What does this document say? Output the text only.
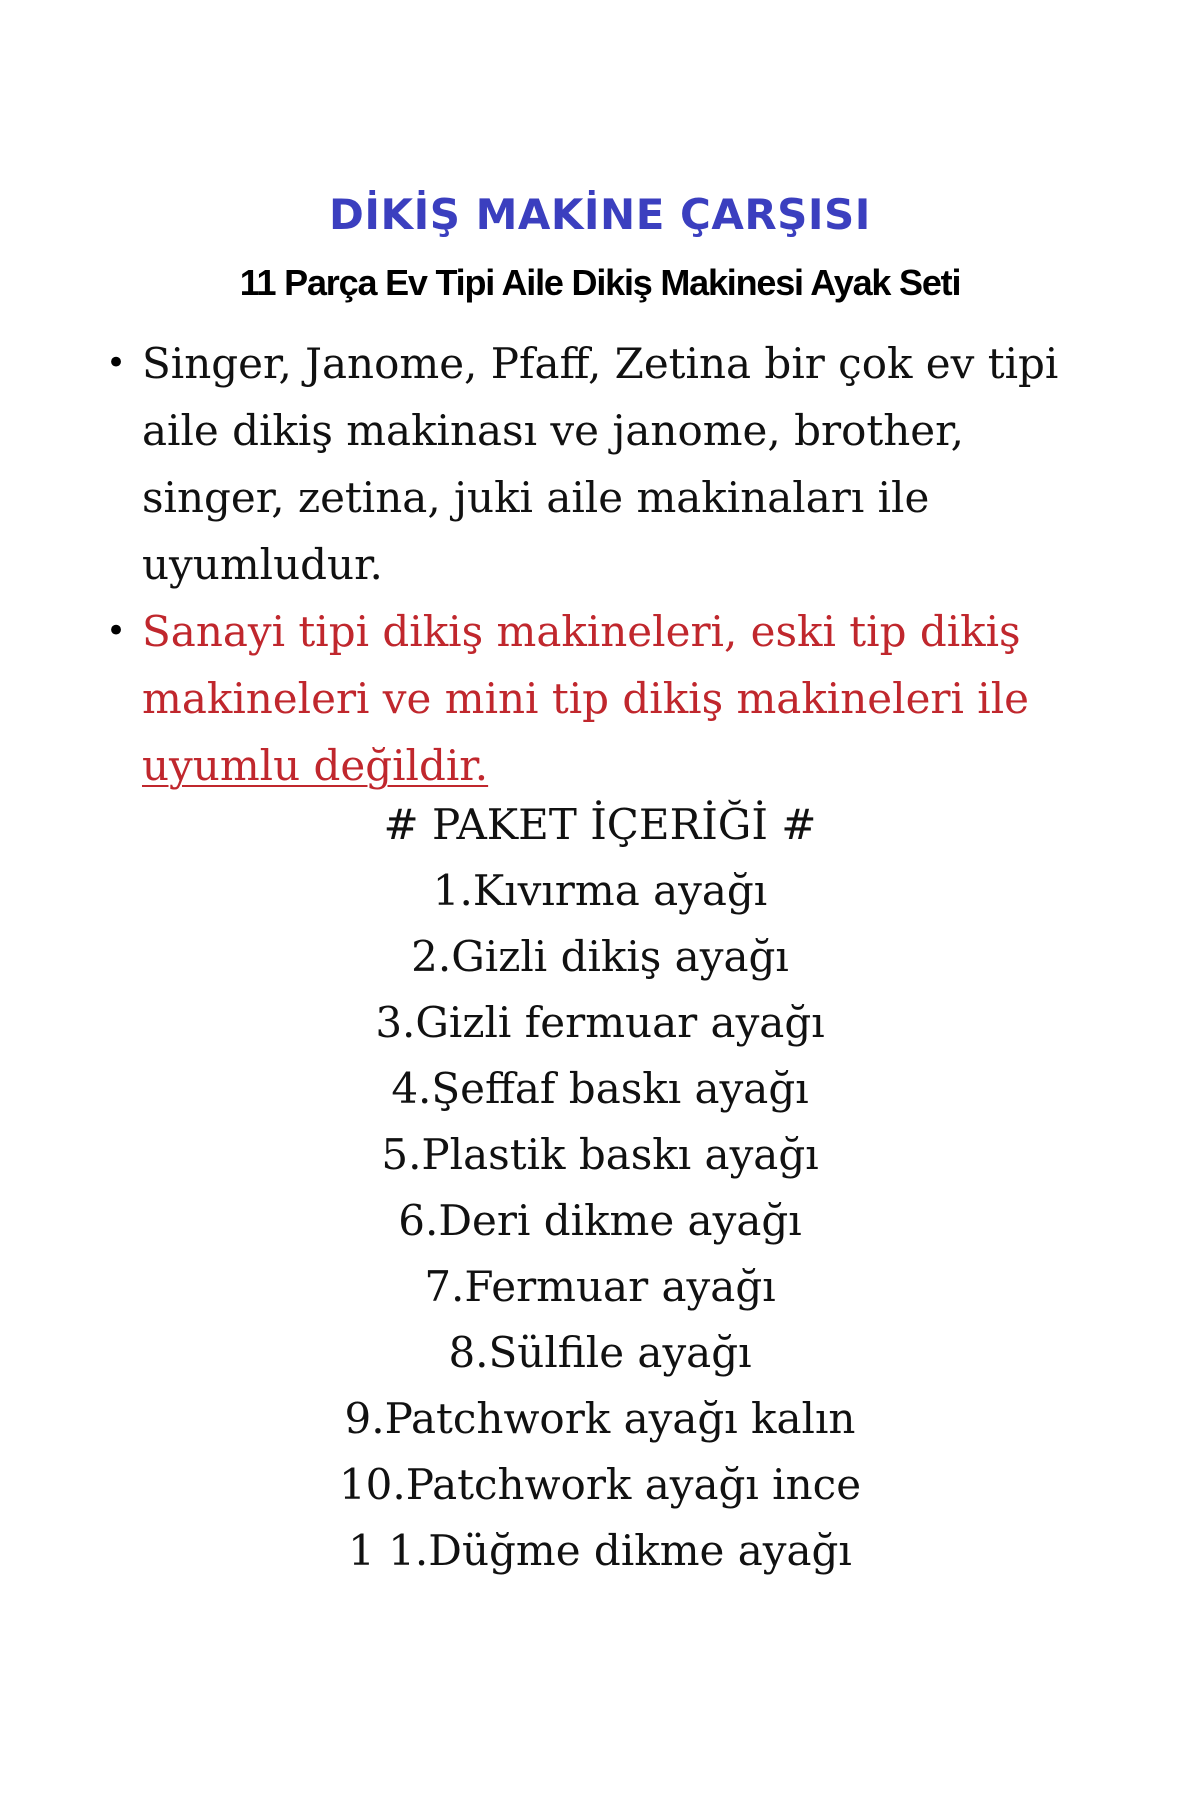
DİKİŞ MAKİNE ÇARŞISI
11 Parça Ev Tipi Aile Dikiş Makinesi Ayak Seti
• Singer, Janome, Pfaff, Zetina bir çok ev tipi aile dikiş makinası ve janome, brother, singer, zetina, juki aile makinaları ile uyumludur.
• Sanayi tipi dikiş makineleri, eski tip dikiş makineleri ve mini tip dikiş makineleri ile uyumlu değildir.
# PAKET İÇERİĞİ #
1.Kıvırma ayağı
2.Gizli dikiş ayağı
3.Gizli fermuar ayağı
4.Şeffaf baskı ayağı
5.Plastik baskı ayağı
6.Deri dikme ayağı
7.Fermuar ayağı
8.Sülfile ayağı
9.Patchwork ayağı kalın
10.Patchwork ayağı ince
1 1.Düğme dikme ayağı
